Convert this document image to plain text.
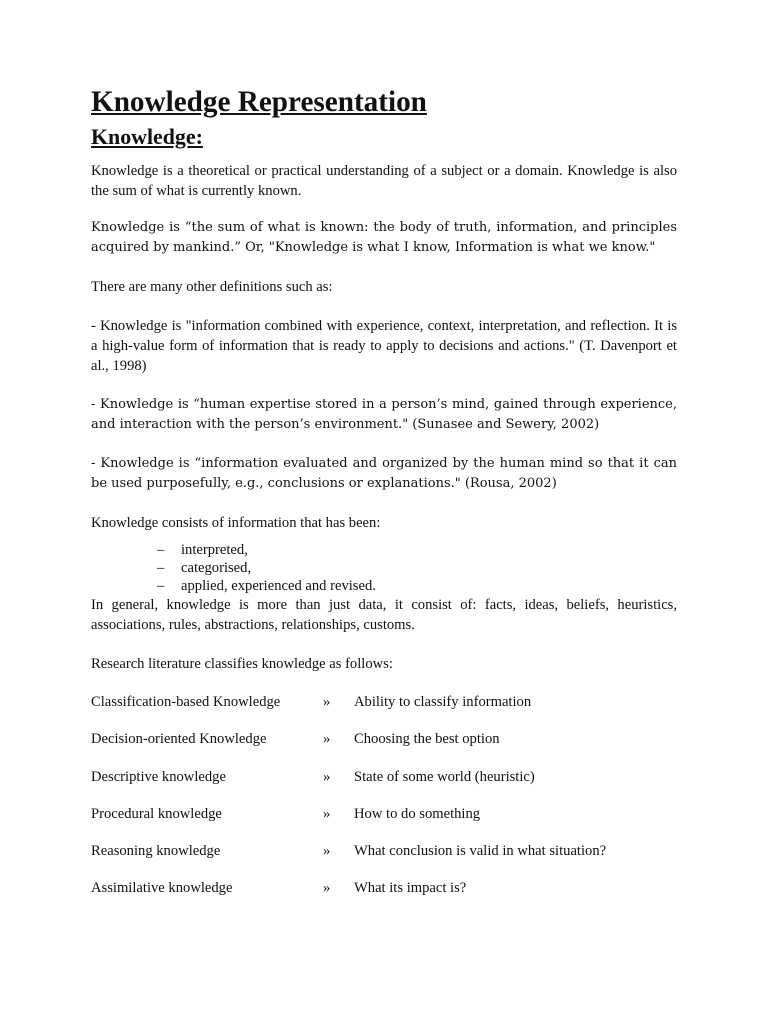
Knowledge Representation
Knowledge:

Knowledge is a theoretical or practical understanding of a subject or a domain. Knowledge is also the sum of what is currently known.

Knowledge is “the sum of what is known: the body of truth, information, and principles acquired by mankind.” Or, "Knowledge is what I know, Information is what we know."

There are many other definitions such as:

- Knowledge is "information combined with experience, context, interpretation, and reflection. It is a high-value form of information that is ready to apply to decisions and actions." (T. Davenport et al., 1998)

- Knowledge is “human expertise stored in a person’s mind, gained through experience, and interaction with the person’s environment." (Sunasee and Sewery, 2002)

- Knowledge is “information evaluated and organized by the human mind so that it can be used purposefully, e.g., conclusions or explanations." (Rousa, 2002)

Knowledge consists of information that has been:

– interpreted,
– categorised,
– applied, experienced and revised.

In general, knowledge is more than just data, it consist of: facts, ideas, beliefs, heuristics, associations, rules, abstractions, relationships, customs.

Research literature classifies knowledge as follows:

Classification-based Knowledge	» Ability to classify information
Decision-oriented Knowledge	» Choosing the best option
Descriptive knowledge	» State of some world (heuristic)
Procedural knowledge	» How to do something
Reasoning knowledge	» What conclusion is valid in what situation?
Assimilative knowledge	» What its impact is?
